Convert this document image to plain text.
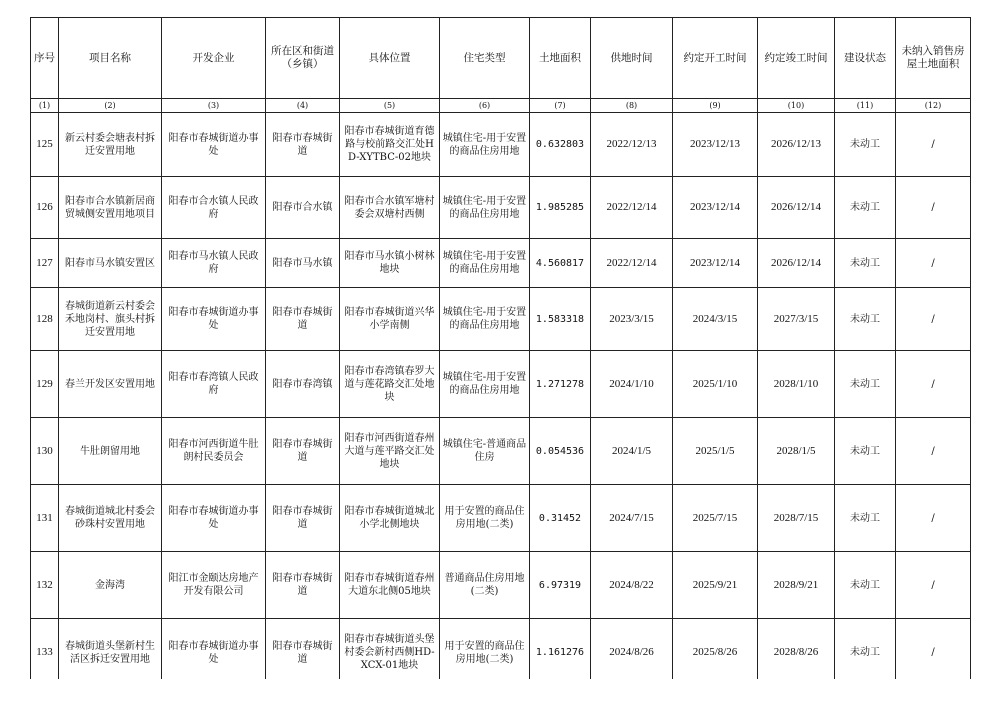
序号	项目名称	开发企业	所在区和街道（乡镇）	具体位置	住宅类型	土地面积	供地时间	约定开工时间	约定竣工时间	建设状态	未纳入销售房屋土地面积
(1)	(2)	(3)	(4)	(5)	(6)	(7)	(8)	(9)	(10)	(11)	(12)
125	新云村委会塘表村拆迁安置用地	阳春市春城街道办事处	阳春市春城街道	阳春市春城街道育德路与校前路交汇处HD-XYTBC-02地块	城镇住宅-用于安置的商品住房用地	0.632803	2022/12/13	2023/12/13	2026/12/13	未动工	/
126	阳春市合水镇新居商贸城侧安置用地项目	阳春市合水镇人民政府	阳春市合水镇	阳春市合水镇军塘村委会双塘村西侧	城镇住宅-用于安置的商品住房用地	1.985285	2022/12/14	2023/12/14	2026/12/14	未动工	/
127	阳春市马水镇安置区	阳春市马水镇人民政府	阳春市马水镇	阳春市马水镇小树林地块	城镇住宅-用于安置的商品住房用地	4.560817	2022/12/14	2023/12/14	2026/12/14	未动工	/
128	春城街道新云村委会禾地岗村、旗头村拆迁安置用地	阳春市春城街道办事处	阳春市春城街道	阳春市春城街道兴华小学南侧	城镇住宅-用于安置的商品住房用地	1.583318	2023/3/15	2024/3/15	2027/3/15	未动工	/
129	春兰开发区安置用地	阳春市春湾镇人民政府	阳春市春湾镇	阳春市春湾镇春罗大道与莲花路交汇处地块	城镇住宅-用于安置的商品住房用地	1.271278	2024/1/10	2025/1/10	2028/1/10	未动工	/
130	牛肚朗留用地	阳春市河西街道牛肚朗村民委员会	阳春市春城街道	阳春市河西街道春州大道与莲平路交汇处地块	城镇住宅-普通商品住房	0.054536	2024/1/5	2025/1/5	2028/1/5	未动工	/
131	春城街道城北村委会砂珠村安置用地	阳春市春城街道办事处	阳春市春城街道	阳春市春城街道城北小学北侧地块	用于安置的商品住房用地(二类)	0.31452	2024/7/15	2025/7/15	2028/7/15	未动工	/
132	金海湾	阳江市金颐达房地产开发有限公司	阳春市春城街道	阳春市春城街道春州大道东北侧05地块	普通商品住房用地(二类)	6.97319	2024/8/22	2025/9/21	2028/9/21	未动工	/
133	春城街道头堡新村生活区拆迁安置用地	阳春市春城街道办事处	阳春市春城街道	阳春市春城街道头堡村委会新村西侧HD-XCX-01地块	用于安置的商品住房用地(二类)	1.161276	2024/8/26	2025/8/26	2028/8/26	未动工	/
